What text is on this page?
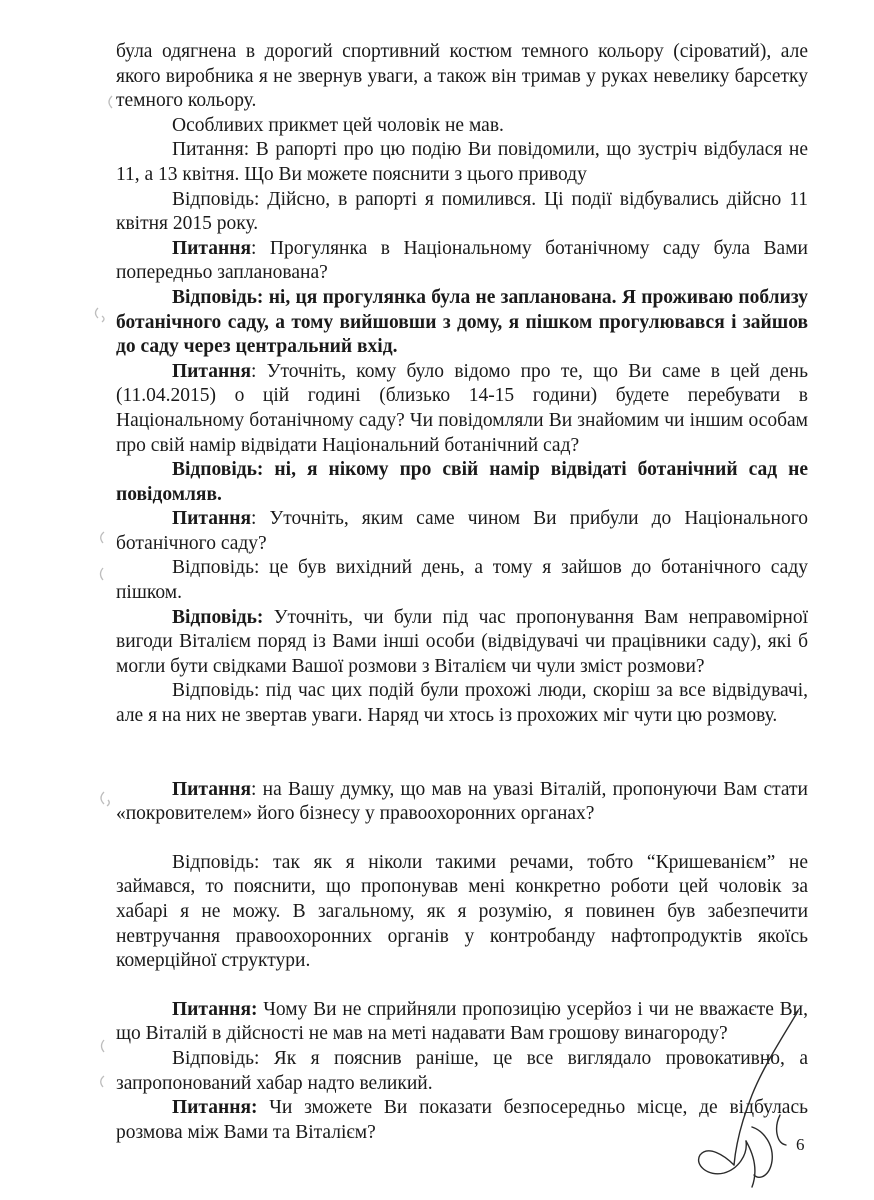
була одягнена в дорогий спортивний костюм темного кольору (сіроватий), але якого виробника я не звернув уваги, а також він тримав у руках невелику барсетку темного кольору.

Особливих прикмет цей чоловік не мав.

Питання: В рапорті про цю подію Ви повідомили, що зустріч відбулася не 11, а 13 квітня. Що Ви можете пояснити з цього приводу

Відповідь: Дійсно, в рапорті я помилився. Ці події відбувались дійсно 11 квітня 2015 року.

Питання: Прогулянка в Національному ботанічному саду була Вами попередньо запланована?

Відповідь: ні, ця прогулянка була не запланована. Я проживаю поблизу ботанічного саду, а тому вийшовши з дому, я пішком прогулювався і зайшов до саду через центральний вхід.

Питання: Уточніть, кому було відомо про те, що Ви саме в цей день (11.04.2015) о цій годині (близько 14-15 години) будете перебувати в Національному ботанічному саду? Чи повідомляли Ви знайомим чи іншим особам про свій намір відвідати Національний ботанічний сад?

Відповідь: ні, я нікому про свій намір відвідаті ботанічний сад не повідомляв.

Питання: Уточніть, яким саме чином Ви прибули до Національного ботанічного саду?

Відповідь: це був вихідний день, а тому я зайшов до ботанічного саду пішком.

Відповідь: Уточніть, чи були під час пропонування Вам неправомірної вигоди Віталієм поряд із Вами інші особи (відвідувачі чи працівники саду), які б могли бути свідками Вашої розмови з Віталієм чи чули зміст розмови?

Відповідь: під час цих подій були прохожі люди, скоріш за все відвідувачі, але я на них не звертав уваги. Наряд чи хтось із прохожих міг чути цю розмову.

Питання: на Вашу думку, що мав на увазі Віталій, пропонуючи Вам стати «покровителем» його бізнесу у правоохоронних органах?

Відповідь: так як я ніколи такими речами, тобто “Кришеванієм” не займався, то пояснити, що пропонував мені конкретно роботи цей чоловік за хабарі я не можу. В загальному, як я розумію, я повинен був забезпечити невтручання правоохоронних органів у контробанду нафтопродуктів якоїсь комерційної структури.

Питання: Чому Ви не сприйняли пропозицію усерйоз і чи не вважаєте Ви, що Віталій в дійсності не мав на меті надавати Вам грошову винагороду?

Відповідь: Як я пояснив раніше, це все виглядало провокативно, а запропонований хабар надто великий.

Питання: Чи зможете Ви показати безпосередньо місце, де відбулась розмова між Вами та Віталієм?

6
